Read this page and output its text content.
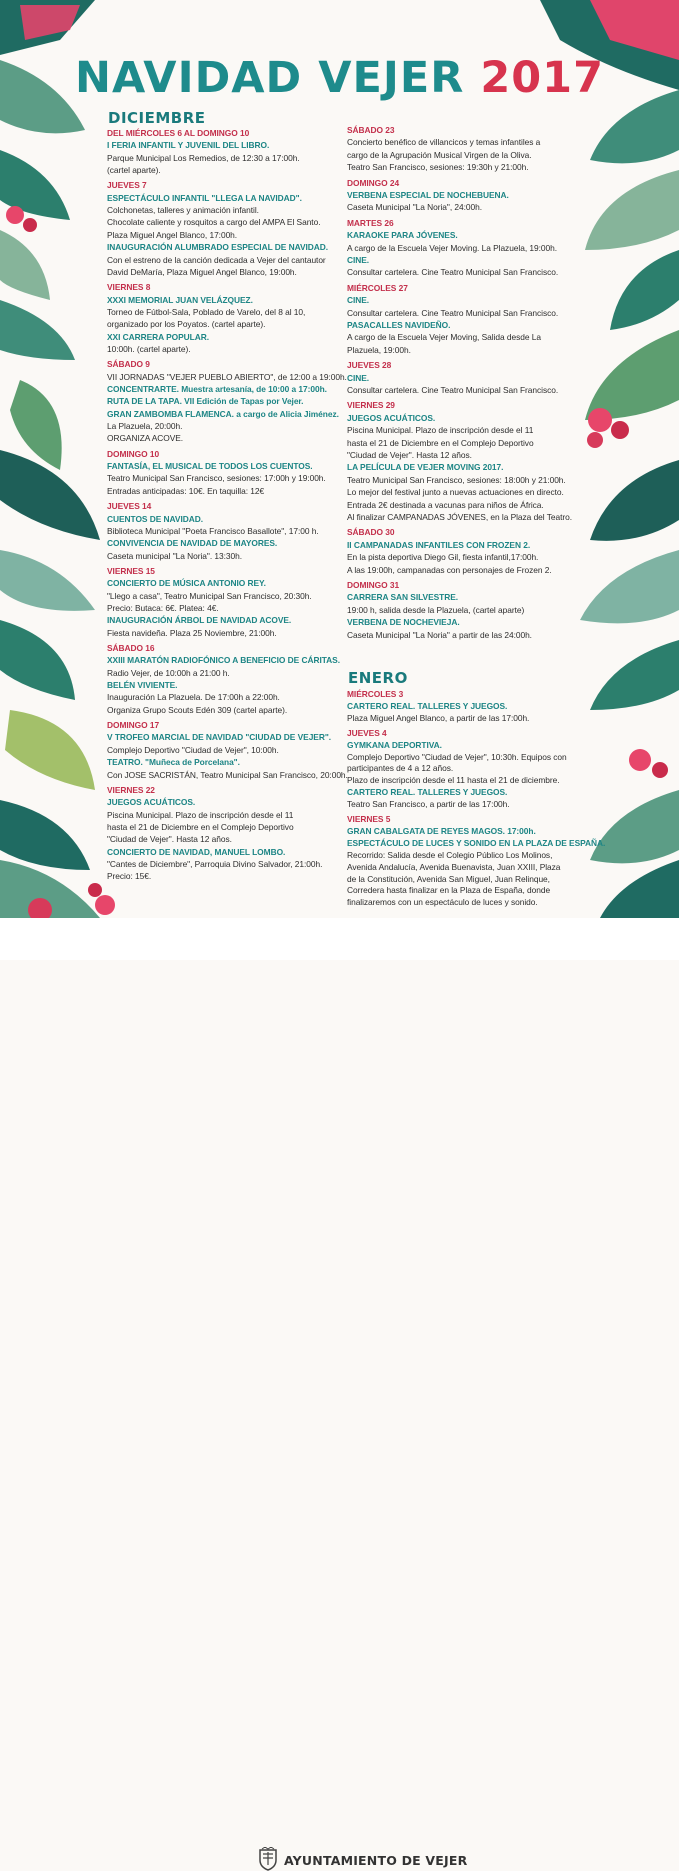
NAVIDAD VEJER 2017
DICIEMBRE
ENERO
DEL MIÉRCOLES 6 AL DOMINGO 10
I FERIA INFANTIL Y JUVENIL DEL LIBRO.
Parque Municipal Los Remedios, de 12:30 a 17:00h.
(cartel aparte).
JUEVES 7
ESPECTÁCULO INFANTIL "LLEGA LA NAVIDAD".
Colchonetas, talleres y animación infantil.
Chocolate caliente y rosquitos a cargo del AMPA El Santo.
Plaza Miguel Angel Blanco, 17:00h.
INAUGURACIÓN ALUMBRADO ESPECIAL DE NAVIDAD.
Con el estreno de la canción dedicada a Vejer del cantautor
David DeMaría, Plaza Miguel Angel Blanco, 19:00h.
VIERNES 8
XXXI MEMORIAL JUAN VELÁZQUEZ.
Torneo de Fútbol-Sala, Poblado de Varelo, del 8 al 10,
organizado por los Poyatos. (cartel aparte).
XXI CARRERA POPULAR.
10:00h. (cartel aparte).
SÁBADO 9
VII JORNADAS "VEJER PUEBLO ABIERTO", de 12:00 a 19:00h.
CONCENTRARTE. Muestra artesanía, de 10:00 a 17:00h.
RUTA DE LA TAPA. VII Edición de Tapas por Vejer.
GRAN ZAMBOMBA FLAMENCA. a cargo de Alicia Jiménez.
La Plazuela, 20:00h.
ORGANIZA ACOVE.
DOMINGO 10
FANTASÍA, EL MUSICAL DE TODOS LOS CUENTOS.
Teatro Municipal San Francisco, sesiones: 17:00h y 19:00h.
Entradas anticipadas: 10€. En taquilla: 12€
JUEVES 14
CUENTOS DE NAVIDAD.
Biblioteca Municipal "Poeta Francisco Basallote", 17:00 h.
CONVIVENCIA DE NAVIDAD DE MAYORES.
Caseta municipal "La Noria". 13:30h.
VIERNES 15
CONCIERTO DE MÚSICA ANTONIO REY.
"Llego a casa", Teatro Municipal San Francisco, 20:30h.
Precio: Butaca: 6€. Platea: 4€.
INAUGURACIÓN ÁRBOL DE NAVIDAD ACOVE.
Fiesta navideña. Plaza 25 Noviembre, 21:00h.
SÁBADO 16
XXIII MARATÓN RADIOFÓNICO A BENEFICIO DE CÁRITAS.
Radio Vejer, de 10:00h a 21:00 h.
BELÉN VIVIENTE.
Inauguración La Plazuela. De 17:00h a 22:00h.
Organiza Grupo Scouts Edén 309 (cartel aparte).
DOMINGO 17
V TROFEO MARCIAL DE NAVIDAD "CIUDAD DE VEJER".
Complejo Deportivo "Ciudad de Vejer", 10:00h.
TEATRO. "Muñeca de Porcelana".
Con JOSE SACRISTÁN, Teatro Municipal San Francisco, 20:00h.
VIERNES 22
JUEGOS ACUÁTICOS.
Piscina Municipal. Plazo de inscripción desde el 11
hasta el 21 de Diciembre en el Complejo Deportivo
"Ciudad de Vejer". Hasta 12 años.
CONCIERTO DE NAVIDAD, MANUEL LOMBO.
"Cantes de Diciembre", Parroquia Divino Salvador, 21:00h.
Precio: 15€.
SÁBADO 23
Concierto benéfico de villancicos y temas infantiles a
cargo de la Agrupación Musical Virgen de la Oliva.
Teatro San Francisco, sesiones: 19:30h y 21:00h.
DOMINGO 24
VERBENA ESPECIAL DE NOCHEBUENA.
Caseta Municipal "La Noria", 24:00h.
MARTES 26
KARAOKE PARA JÓVENES.
A cargo de la Escuela Vejer Moving. La Plazuela, 19:00h.
CINE.
Consultar cartelera. Cine Teatro Municipal San Francisco.
MIÉRCOLES 27
CINE.
Consultar cartelera. Cine Teatro Municipal San Francisco.
PASACALLES NAVIDEÑO.
A cargo de la Escuela Vejer Moving, Salida desde La
Plazuela, 19:00h.
JUEVES 28
CINE.
Consultar cartelera. Cine Teatro Municipal San Francisco.
VIERNES 29
JUEGOS ACUÁTICOS.
Piscina Municipal. Plazo de inscripción desde el 11
hasta el 21 de Diciembre en el Complejo Deportivo
"Ciudad de Vejer". Hasta 12 años.
LA PELÍCULA DE VEJER MOVING 2017.
Teatro Municipal San Francisco, sesiones: 18:00h y 21:00h.
Lo mejor del festival junto a nuevas actuaciones en directo.
Entrada 2€ destinada a vacunas para niños de África.
Al finalizar CAMPANADAS JÓVENES, en la Plaza del Teatro.
SÁBADO 30
II CAMPANADAS INFANTILES CON FROZEN 2.
En la pista deportiva Diego Gil, fiesta infantil,17:00h.
A las 19:00h, campanadas con personajes de Frozen 2.
DOMINGO 31
CARRERA SAN SILVESTRE.
19:00 h, salida desde la Plazuela, (cartel aparte)
VERBENA DE NOCHEVIEJA.
Caseta Municipal "La Noria" a partir de las 24:00h.
MIÉRCOLES 3
CARTERO REAL. TALLERES Y JUEGOS.
Plaza Miguel Angel Blanco, a partir de las 17:00h.
JUEVES 4
GYMKANA DEPORTIVA.
Complejo Deportivo "Ciudad de Vejer", 10:30h. Equipos con
participantes de 4 a 12 años.
Plazo de inscripción desde el 11 hasta el 21 de diciembre.
CARTERO REAL. TALLERES Y JUEGOS.
Teatro San Francisco, a partir de las 17:00h.
VIERNES 5
GRAN CABALGATA DE REYES MAGOS. 17:00h.
ESPECTÁCULO DE LUCES Y SONIDO EN LA PLAZA DE ESPAÑA.
Recorrido: Salida desde el Colegio Público Los Molinos,
Avenida Andalucía, Avenida Buenavista, Juan XXIII, Plaza
de la Constitución, Avenida San Miguel, Juan Relinque,
Corredera hasta finalizar en la Plaza de España, donde
finalizaremos con un espectáculo de luces y sonido.
AYUNTAMIENTO DE VEJER
